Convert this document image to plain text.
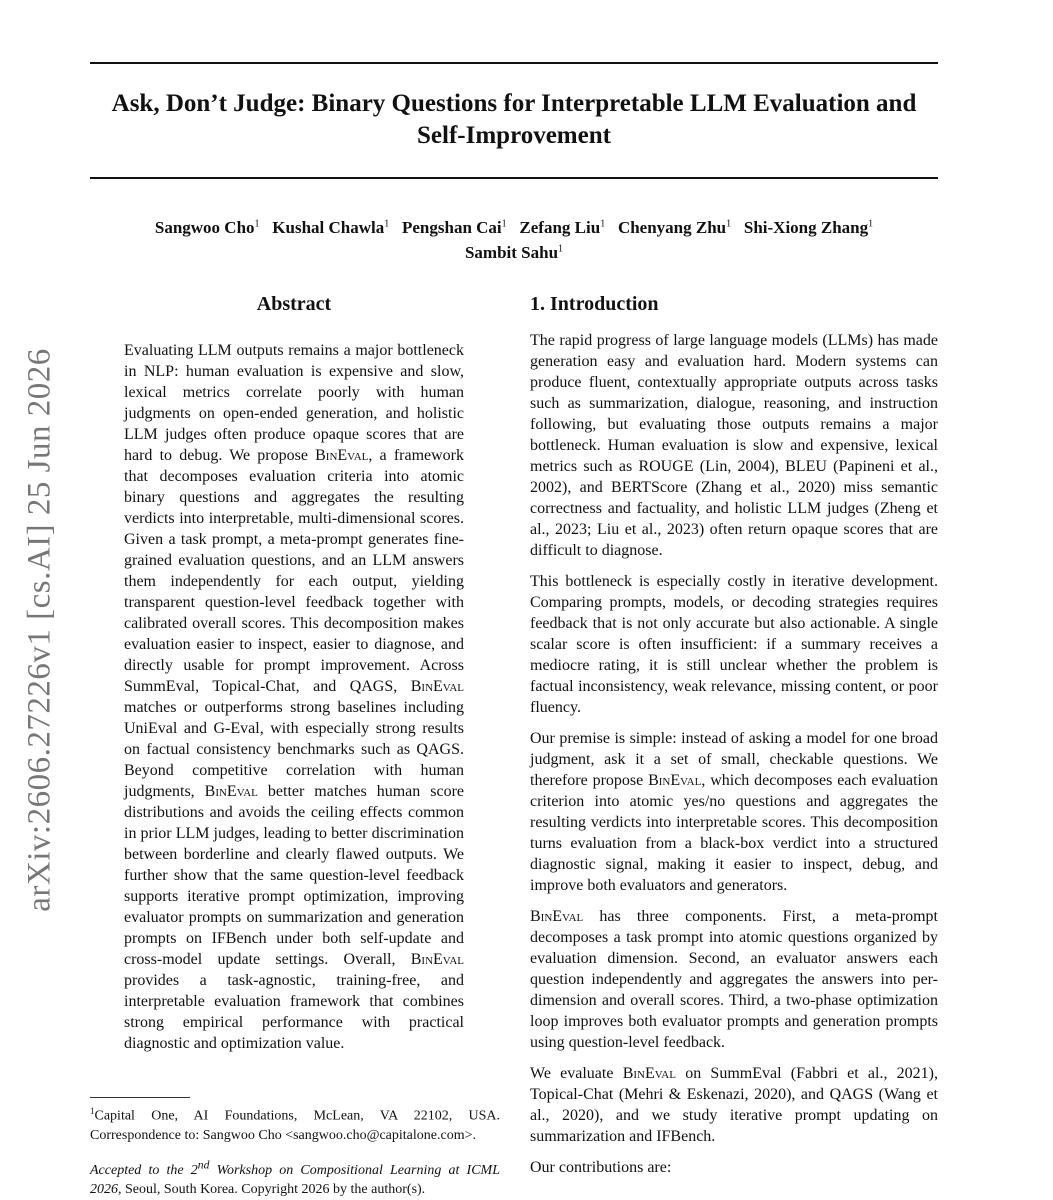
Ask, Don’t Judge: Binary Questions for Interpretable LLM Evaluation and
Self-Improvement
Sangwoo Cho$^1$ Kushal Chawla$^1$ Pengshan Cai$^1$ Zefang Liu$^1$ Chenyang Zhu$^1$ Shi-Xiong Zhang$^1$
Sambit Sahu$^1$
arXiv:2606.27226v1 [cs.AI] 25 Jun 2026
Abstract

Evaluating LLM outputs remains a major bottleneck in NLP: human evaluation is expensive and slow, lexical metrics correlate poorly with human judgments on open-ended generation, and holistic LLM judges often produce opaque scores that are hard to debug. We propose BinEval, a framework that decomposes evaluation criteria into atomic binary questions and aggregates the resulting verdicts into interpretable, multi-dimensional scores. Given a task prompt, a meta-prompt generates fine-grained evaluation questions, and an LLM answers them independently for each output, yielding transparent question-level feedback together with calibrated overall scores. This decomposition makes evaluation easier to inspect, easier to diagnose, and directly usable for prompt improvement. Across SummEval, Topical-Chat, and QAGS, BinEval matches or outperforms strong baselines including UniEval and G-Eval, with especially strong results on factual consistency benchmarks such as QAGS. Beyond competitive correlation with human judgments, BinEval better matches human score distributions and avoids the ceiling effects common in prior LLM judges, leading to better discrimination between borderline and clearly flawed outputs. We further show that the same question-level feedback supports iterative prompt optimization, improving evaluator prompts on summarization and generation prompts on IFBench under both self-update and cross-model update settings. Overall, BinEval provides a task-agnostic, training-free, and interpretable evaluation framework that combines strong empirical performance with practical diagnostic and optimization value.

1. Introduction

The rapid progress of large language models (LLMs) has made generation easy and evaluation hard. Modern systems can produce fluent, contextually appropriate outputs across tasks such as summarization, dialogue, reasoning, and instruction following, but evaluating those outputs remains a major bottleneck. Human evaluation is slow and expensive, lexical metrics such as ROUGE (Lin, 2004), BLEU (Papineni et al., 2002), and BERTScore (Zhang et al., 2020) miss semantic correctness and factuality, and holistic LLM judges (Zheng et al., 2023; Liu et al., 2023) often return opaque scores that are difficult to diagnose.

This bottleneck is especially costly in iterative development. Comparing prompts, models, or decoding strategies requires feedback that is not only accurate but also actionable. A single scalar score is often insufficient: if a summary receives a mediocre rating, it is still unclear whether the problem is factual inconsistency, weak relevance, missing content, or poor fluency.

Our premise is simple: instead of asking a model for one broad judgment, ask it a set of small, checkable questions. We therefore propose BinEval, which decomposes each evaluation criterion into atomic yes/no questions and aggregates the resulting verdicts into interpretable scores. This decomposition turns evaluation from a black-box verdict into a structured diagnostic signal, making it easier to inspect, debug, and improve both evaluators and generators.

BinEval has three components. First, a meta-prompt decomposes a task prompt into atomic questions organized by evaluation dimension. Second, an evaluator answers each question independently and aggregates the answers into per-dimension and overall scores. Third, a two-phase optimization loop improves both evaluator prompts and generation prompts using question-level feedback.

We evaluate BinEval on SummEval (Fabbri et al., 2021), Topical-Chat (Mehri & Eskenazi, 2020), and QAGS (Wang et al., 2020), and we study iterative prompt updating on summarization and IFBench.

Our contributions are:

$^1$Capital One, AI Foundations, McLean, VA 22102, USA. Correspondence to: Sangwoo Cho <sangwoo.cho@capitalone.com>.
Accepted to the 2nd Workshop on Compositional Learning at ICML 2026, Seoul, South Korea. Copyright 2026 by the author(s).
